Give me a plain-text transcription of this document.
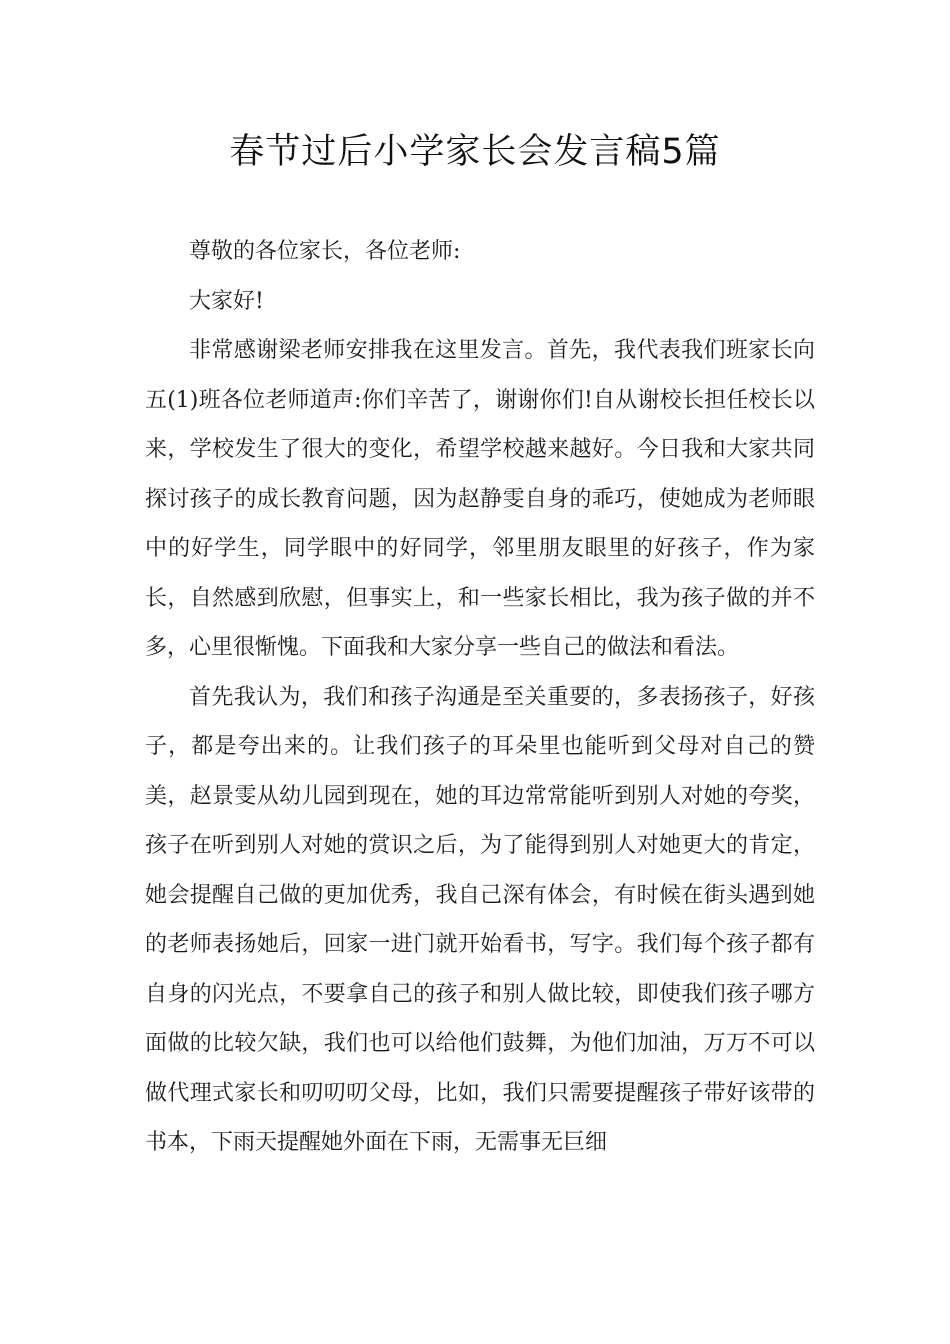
春节过后小学家长会发言稿5篇

尊敬的各位家长，各位老师:

大家好!

非常感谢梁老师安排我在这里发言。首先，我代表我们班家长向五(1)班各位老师道声:你们辛苦了，谢谢你们!自从谢校长担任校长以来，学校发生了很大的变化，希望学校越来越好。今日我和大家共同探讨孩子的成长教育问题，因为赵静雯自身的乖巧，使她成为老师眼中的好学生，同学眼中的好同学，邻里朋友眼里的好孩子，作为家长，自然感到欣慰，但事实上，和一些家长相比，我为孩子做的并不多，心里很惭愧。下面我和大家分享一些自己的做法和看法。

首先我认为，我们和孩子沟通是至关重要的，多表扬孩子，好孩子，都是夸出来的。让我们孩子的耳朵里也能听到父母对自己的赞美，赵景雯从幼儿园到现在，她的耳边常常能听到别人对她的夸奖，孩子在听到别人对她的赏识之后，为了能得到别人对她更大的肯定，她会提醒自己做的更加优秀，我自己深有体会，有时候在街头遇到她的老师表扬她后，回家一进门就开始看书，写字。我们每个孩子都有自身的闪光点，不要拿自己的孩子和别人做比较，即使我们孩子哪方面做的比较欠缺，我们也可以给他们鼓舞，为他们加油，万万不可以做代理式家长和叨叨叨父母，比如，我们只需要提醒孩子带好该带的书本，下雨天提醒她外面在下雨，无需事无巨细
